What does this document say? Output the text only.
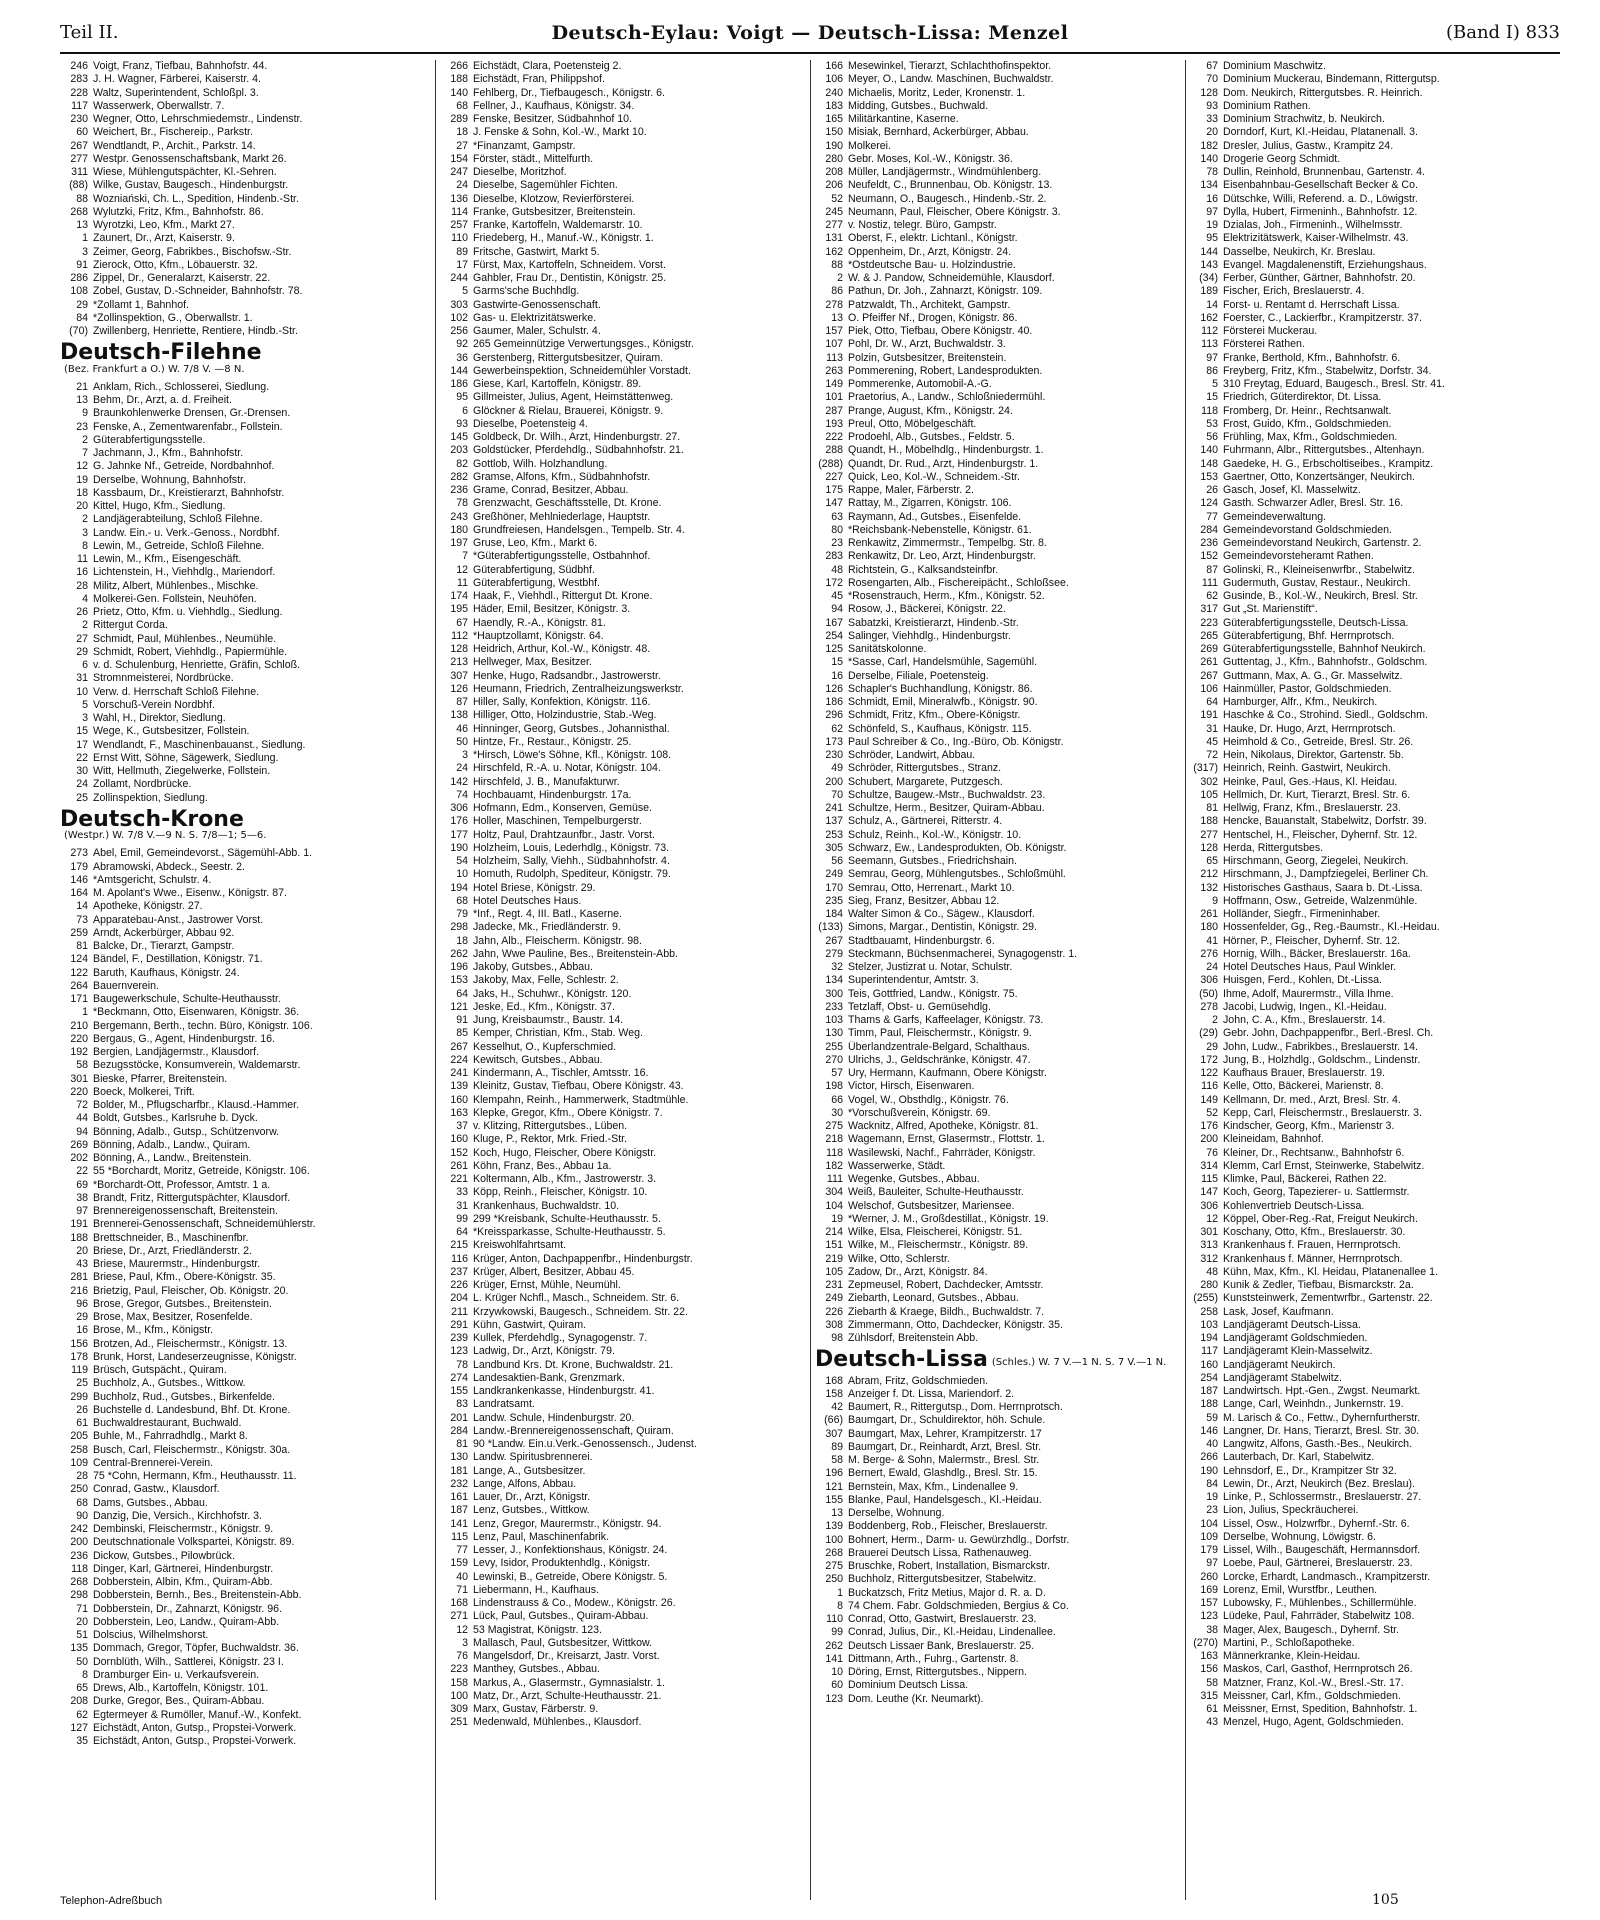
Teil II.	Deutsch-Eylau: Voigt — Deutsch-Lissa: Menzel	(Band I) 833
246 Voigt, Franz, Tiefbau, Bahnhofstr. 44.
283 J. H. Wagner, Färberei, Kaiserstr. 4.
228 Waltz, Superintendent, Schloßpl. 3.
117 Wasserwerk, Oberwallstr. 7.
230 Wegner, Otto, Lehrschmiedemstr., Lindenstr.
60 Weichert, Br., Fischereip., Parkstr.
267 Wendtlandt, P., Archit., Parkstr. 14.
277 Westpr. Genossenschaftsbank, Markt 26.
311 Wiese, Mühlengutspächter, Kl.-Sehren.
(88) Wilke, Gustav, Baugesch., Hindenburgstr.
88 Wozniański, Ch. L., Spedition, Hindenb.-Str.
268 Wylutzki, Fritz, Kfm., Bahnhofstr. 86.
13 Wyrotzki, Leo, Kfm., Markt 27.
1 Zaunert, Dr., Arzt, Kaiserstr. 9.
3 Zeimer, Georg, Fabrikbes., Bischofsw.-Str.
91 Zierock, Otto, Kfm., Löbauerstr. 32.
286 Zippel, Dr., Generalarzt, Kaiserstr. 22.
108 Zobel, Gustav, D.-Schneider, Bahnhofstr. 78.
29 *Zollamt 1, Bahnhof.
84 *Zollinspektion, G., Oberwallstr. 1.
(70) Zwillenberg, Henriette, Rentiere, Hindb.-Str.
Deutsch-Filehne(Bez. Frankfurt a O.) W. 7/8 V. —8 N.
21 Anklam, Rich., Schlosserei, Siedlung.
13 Behm, Dr., Arzt, a. d. Freiheit.
9 Braunkohlenwerke Drensen, Gr.-Drensen.
23 Fenske, A., Zementwarenfabr., Follstein.
2 Güterabfertigungsstelle.
7 Jachmann, J., Kfm., Bahnhofstr.
12 G. Jahnke Nf., Getreide, Nordbahnhof.
19 Derselbe, Wohnung, Bahnhofstr.
18 Kassbaum, Dr., Kreistierarzt, Bahnhofstr.
20 Kittel, Hugo, Kfm., Siedlung.
2 Landjägerabteilung, Schloß Filehne.
3 Landw. Ein.- u. Verk.-Genoss., Nordbhf.
8 Lewin, M., Getreide, Schloß Filehne.
11 Lewin, M., Kfm., Eisengeschäft.
16 Lichtenstein, H., Viehhdlg., Mariendorf.
28 Militz, Albert, Mühlenbes., Mischke.
4 Molkerei-Gen. Follstein, Neuhöfen.
26 Prietz, Otto, Kfm. u. Viehhdlg., Siedlung.
2 Rittergut Corda.
27 Schmidt, Paul, Mühlenbes., Neumühle.
29 Schmidt, Robert, Viehhdlg., Papiermühle.
6 v. d. Schulenburg, Henriette, Gräfin, Schloß.
31 Stromnmeisterei, Nordbrücke.
10 Verw. d. Herrschaft Schloß Filehne.
5 Vorschuß-Verein Nordbhf.
3 Wahl, H., Direktor, Siedlung.
15 Wege, K., Gutsbesitzer, Follstein.
17 Wendlandt, F., Maschinenbauanst., Siedlung.
22 Ernst Witt, Söhne, Sägewerk, Siedlung.
30 Witt, Hellmuth, Ziegelwerke, Follstein.
24 Zollamt, Nordbrücke.
25 Zollinspektion, Siedlung.
Deutsch-Krone(Westpr.) W. 7/8 V.—9 N. S. 7/8—1; 5—6.
273 Abel, Emil, Gemeindevorst., Sägemühl-Abb. 1.
179 Abramowski, Abdeck., Seestr. 2.
146 *Amtsgericht, Schulstr. 4.
164 M. Apolant's Wwe., Eisenw., Königstr. 87.
14 Apotheke, Königstr. 27.
73 Apparatebau-Anst., Jastrower Vorst.
259 Arndt, Ackerbürger, Abbau 92.
81 Balcke, Dr., Tierarzt, Gampstr.
124 Bändel, F., Destillation, Königstr. 71.
122 Baruth, Kaufhaus, Königstr. 24.
264 Bauernverein.
171 Baugewerkschule, Schulte-Heuthausstr.
1 *Beckmann, Otto, Eisenwaren, Königstr. 36.
210 Bergemann, Berth., techn. Büro, Königstr. 106.
220 Bergaus, G., Agent, Hindenburgstr. 16.
192 Bergien, Landjägermstr., Klausdorf.
58 Bezugsstöcke, Konsumverein, Waldemarstr.
301 Bieske, Pfarrer, Breitenstein.
220 Boeck, Molkerei, Trift.
72 Bolder, M., Pflugscharfbr., Klausd.-Hammer.
44 Boldt, Gutsbes., Karlsruhe b. Dyck.
94 Bönning, Adalb., Gutsp., Schützenvorw.
269 Bönning, Adalb., Landw., Quiram.
202 Bönning, A., Landw., Breitenstein.
22 55 *Borchardt, Moritz, Getreide, Königstr. 106.
69 *Borchardt-Ott, Professor, Amtstr. 1 a.
38 Brandt, Fritz, Rittergutspächter, Klausdorf.
97 Brennereigenossenschaft, Breitenstein.
191 Brennerei-Genossenschaft, Schneidemühlerstr.
188 Brettschneider, B., Maschinenfbr.
20 Briese, Dr., Arzt, Friedländerstr. 2.
43 Briese, Maurermstr., Hindenburgstr.
281 Briese, Paul, Kfm., Obere-Königstr. 35.
216 Brietzig, Paul, Fleischer, Ob. Königstr. 20.
96 Brose, Gregor, Gutsbes., Breitenstein.
29 Brose, Max, Besitzer, Rosenfelde.
16 Brose, M., Kfm., Königstr.
156 Brotzen, Ad., Fleischermstr., Königstr. 13.
178 Brunk, Horst, Landeserzeugnisse, Königstr.
119 Brüsch, Gutspächt., Quiram.
25 Buchholz, A., Gutsbes., Wittkow.
299 Buchholz, Rud., Gutsbes., Birkenfelde.
26 Buchstelle d. Landesbund, Bhf. Dt. Krone.
61 Buchwaldrestaurant, Buchwald.
205 Buhle, M., Fahrradhdlg., Markt 8.
258 Busch, Carl, Fleischermstr., Königstr. 30a.
109 Central-Brennerei-Verein.
28 75 *Cohn, Hermann, Kfm., Heuthausstr. 11.
250 Conrad, Gastw., Klausdorf.
68 Dams, Gutsbes., Abbau.
90 Danzig, Die, Versich., Kirchhofstr. 3.
242 Dembinski, Fleischermstr., Königstr. 9.
200 Deutschnationale Volkspartei, Königstr. 89.
236 Dickow, Gutsbes., Pilowbrück.
118 Dinger, Karl, Gärtnerei, Hindenburgstr.
268 Dobberstein, Albin, Kfm., Quiram-Abb.
298 Dobberstein, Bernh., Bes., Breitenstein-Abb.
71 Dobberstein, Dr., Zahnarzt, Königstr. 96.
20 Dobberstein, Leo, Landw., Quiram-Abb.
51 Dolscius, Wilhelmshorst.
135 Dommach, Gregor, Töpfer, Buchwaldstr. 36.
50 Dornblüth, Wilh., Sattlerei, Königstr. 23 I.
8 Dramburger Ein- u. Verkaufsverein.
65 Drews, Alb., Kartoffeln, Königstr. 101.
208 Durke, Gregor, Bes., Quiram-Abbau.
62 Egtermeyer & Rumöller, Manuf.-W., Konfekt.
127 Eichstädt, Anton, Gutsp., Propstei-Vorwerk.
35 Eichstädt, Anton, Gutsp., Propstei-Vorwerk.
266 Eichstädt, Clara, Poetensteig 2.
188 Eichstädt, Fran, Philippshof.
140 Fehlberg, Dr., Tiefbaugesch., Königstr. 6.
68 Fellner, J., Kaufhaus, Königstr. 34.
289 Fenske, Besitzer, Südbahnhof 10.
18 J. Fenske & Sohn, Kol.-W., Markt 10.
27 *Finanzamt, Gampstr.
154 Förster, städt., Mittelfurth.
247 Dieselbe, Moritzhof.
24 Dieselbe, Sagemühler Fichten.
136 Dieselbe, Klotzow, Revierförsterei.
114 Franke, Gutsbesitzer, Breitenstein.
257 Franke, Kartoffeln, Waldemarstr. 10.
110 Friedeberg, H., Manuf.-W., Königstr. 1.
89 Fritsche, Gastwirt, Markt 5.
17 Fürst, Max, Kartoffeln, Schneidem. Vorst.
244 Gahbler, Frau Dr., Dentistin, Königstr. 25.
5 Garms'sche Buchhdlg.
303 Gastwirte-Genossenschaft.
102 Gas- u. Elektrizitätswerke.
256 Gaumer, Maler, Schulstr. 4.
92 265 Gemeinnützige Verwertungsges., Königstr.
36 Gerstenberg, Rittergutsbesitzer, Quiram.
144 Gewerbeinspektion, Schneidemühler Vorstadt.
186 Giese, Karl, Kartoffeln, Königstr. 89.
95 Gillmeister, Julius, Agent, Heimstättenweg.
6 Glöckner & Rielau, Brauerei, Königstr. 9.
93 Dieselbe, Poetensteig 4.
145 Goldbeck, Dr. Wilh., Arzt, Hindenburgstr. 27.
203 Goldstücker, Pferdehdlg., Südbahnhofstr. 21.
82 Gottlob, Wilh. Holzhandlung.
282 Gramse, Alfons, Kfm., Südbahnhofstr.
236 Grame, Conrad, Besitzer, Abbau.
78 Grenzwacht, Geschäftsstelle, Dt. Krone.
243 Greßhöner, Mehlniederlage, Hauptstr.
180 Grundfreiesen, Handelsgen., Tempelb. Str. 4.
197 Gruse, Leo, Kfm., Markt 6.
7 *Güterabfertigungsstelle, Ostbahnhof.
12 Güterabfertigung, Südbhf.
11 Güterabfertigung, Westbhf.
174 Haak, F., Viehhdl., Rittergut Dt. Krone.
195 Häder, Emil, Besitzer, Königstr. 3.
67 Haendly, R.-A., Königstr. 81.
112 *Hauptzollamt, Königstr. 64.
128 Heidrich, Arthur, Kol.-W., Königstr. 48.
213 Hellweger, Max, Besitzer.
307 Henke, Hugo, Radsandbr., Jastrowerstr.
126 Heumann, Friedrich, Zentralheizungswerkstr.
87 Hiller, Sally, Konfektion, Königstr. 116.
138 Hilliger, Otto, Holzindustrie, Stab.-Weg.
46 Hinninger, Georg, Gutsbes., Johannisthal.
50 Hintze, Fr., Restaur., Königstr. 25.
3 *Hirsch, Löwe's Söhne, Kfl., Königstr. 108.
24 Hirschfeld, R.-A. u. Notar, Königstr. 104.
142 Hirschfeld, J. B., Manufakturwr.
74 Hochbauamt, Hindenburgstr. 17a.
306 Hofmann, Edm., Konserven, Gemüse.
176 Holler, Maschinen, Tempelburgerstr.
177 Holtz, Paul, Drahtzaunfbr., Jastr. Vorst.
190 Holzheim, Louis, Lederhdlg., Königstr. 73.
54 Holzheim, Sally, Viehh., Südbahnhofstr. 4.
10 Homuth, Rudolph, Spediteur, Königstr. 79.
194 Hotel Briese, Königstr. 29.
68 Hotel Deutsches Haus.
79 *Inf., Regt. 4, III. Batl., Kaserne.
298 Jadecke, Mk., Friedländerstr. 9.
18 Jahn, Alb., Fleischerm. Königstr. 98.
262 Jahn, Wwe Pauline, Bes., Breitenstein-Abb.
196 Jakoby, Gutsbes., Abbau.
153 Jakoby, Max, Felle, Schlestr. 2.
64 Jaks, H., Schuhwr., Königstr. 120.
121 Jeske, Ed., Kfm., Königstr. 37.
91 Jung, Kreisbaumstr., Baustr. 14.
85 Kemper, Christian, Kfm., Stab. Weg.
267 Kesselhut, O., Kupferschmied.
224 Kewitsch, Gutsbes., Abbau.
241 Kindermann, A., Tischler, Amtsstr. 16.
139 Kleinitz, Gustav, Tiefbau, Obere Königstr. 43.
160 Klempahn, Reinh., Hammerwerk, Stadtmühle.
163 Klepke, Gregor, Kfm., Obere Königstr. 7.
37 v. Klitzing, Rittergutsbes., Lüben.
160 Kluge, P., Rektor, Mrk. Fried.-Str.
152 Koch, Hugo, Fleischer, Obere Königstr.
261 Köhn, Franz, Bes., Abbau 1a.
221 Koltermann, Alb., Kfm., Jastrowerstr. 3.
33 Köpp, Reinh., Fleischer, Königstr. 10.
31 Krankenhaus, Buchwaldstr. 10.
99 299 *Kreisbank, Schulte-Heuthausstr. 5.
64 *Kreissparkasse, Schulte-Heuthausstr. 5.
215 Kreiswohlfahrtsamt.
116 Krüger, Anton, Dachpappenfbr., Hindenburgstr.
237 Krüger, Albert, Besitzer, Abbau 45.
226 Krüger, Ernst, Mühle, Neumühl.
204 L. Krüger Nchfl., Masch., Schneidem. Str. 6.
211 Krzywkowski, Baugesch., Schneidem. Str. 22.
291 Kühn, Gastwirt, Quiram.
239 Kullek, Pferdehdlg., Synagogenstr. 7.
123 Ladwig, Dr., Arzt, Königstr. 79.
78 Landbund Krs. Dt. Krone, Buchwaldstr. 21.
274 Landesaktien-Bank, Grenzmark.
155 Landkrankenkasse, Hindenburgstr. 41.
83 Landratsamt.
201 Landw. Schule, Hindenburgstr. 20.
284 Landw.-Brennereigenossenschaft, Quiram.
81 90 *Landw. Ein.u.Verk.-Genossensch., Judenst.
130 Landw. Spiritusbrennerei.
181 Lange, A., Gutsbesitzer.
232 Lange, Alfons, Abbau.
161 Lauer, Dr., Arzt, Königstr.
187 Lenz, Gutsbes., Wittkow.
141 Lenz, Gregor, Maurermstr., Königstr. 94.
115 Lenz, Paul, Maschinenfabrik.
77 Lesser, J., Konfektionshaus, Königstr. 24.
159 Levy, Isidor, Produktenhdlg., Königstr.
40 Lewinski, B., Getreide, Obere Königstr. 5.
71 Liebermann, H., Kaufhaus.
168 Lindenstrauss & Co., Modew., Königstr. 26.
271 Lück, Paul, Gutsbes., Quiram-Abbau.
12 53 Magistrat, Königstr. 123.
3 Mallasch, Paul, Gutsbesitzer, Wittkow.
76 Mangelsdorf, Dr., Kreisarzt, Jastr. Vorst.
223 Manthey, Gutsbes., Abbau.
158 Markus, A., Glasermstr., Gymnasialstr. 1.
100 Matz, Dr., Arzt, Schulte-Heuthausstr. 21.
309 Marx, Gustav, Färberstr. 9.
251 Medenwald, Mühlenbes., Klausdorf.
166 Mesewinkel, Tierarzt, Schlachthofinspektor.
106 Meyer, O., Landw. Maschinen, Buchwaldstr.
240 Michaelis, Moritz, Leder, Kronenstr. 1.
183 Midding, Gutsbes., Buchwald.
165 Militärkantine, Kaserne.
150 Misiak, Bernhard, Ackerbürger, Abbau.
190 Molkerei.
280 Gebr. Moses, Kol.-W., Königstr. 36.
208 Müller, Landjägermstr., Windmühlenberg.
206 Neufeldt, C., Brunnenbau, Ob. Königstr. 13.
52 Neumann, O., Baugesch., Hindenb.-Str. 2.
245 Neumann, Paul, Fleischer, Obere Königstr. 3.
277 v. Nostiz, telegr. Büro, Gampstr.
131 Oberst, F., elektr. Lichtanl., Königstr.
162 Oppenheim, Dr., Arzt, Königstr. 24.
88 *Ostdeutsche Bau- u. Holzindustrie.
2 W. & J. Pandow, Schneidemühle, Klausdorf.
86 Pathun, Dr. Joh., Zahnarzt, Königstr. 109.
278 Patzwaldt, Th., Architekt, Gampstr.
13 O. Pfeiffer Nf., Drogen, Königstr. 86.
157 Piek, Otto, Tiefbau, Obere Königstr. 40.
107 Pohl, Dr. W., Arzt, Buchwaldstr. 3.
113 Polzin, Gutsbesitzer, Breitenstein.
263 Pommerening, Robert, Landesprodukten.
149 Pommerenke, Automobil-A.-G.
101 Praetorius, A., Landw., Schloßniedermühl.
287 Prange, August, Kfm., Königstr. 24.
193 Preul, Otto, Möbelgeschäft.
222 Prodoehl, Alb., Gutsbes., Feldstr. 5.
288 Quandt, H., Möbelhdlg., Hindenburgstr. 1.
(288) Quandt, Dr. Rud., Arzt, Hindenburgstr. 1.
227 Quick, Leo, Kol.-W., Schneidem.-Str.
175 Rappe, Maler, Färberstr. 2.
147 Rattay, M., Zigarren, Königstr. 106.
63 Raymann, Ad., Gutsbes., Eisenfelde.
80 *Reichsbank-Nebenstelle, Königstr. 61.
23 Renkawitz, Zimmermstr., Tempelbg. Str. 8.
283 Renkawitz, Dr. Leo, Arzt, Hindenburgstr.
48 Richtstein, G., Kalksandsteinfbr.
172 Rosengarten, Alb., Fischereipächt., Schloßsee.
45 *Rosenstrauch, Herm., Kfm., Königstr. 52.
94 Rosow, J., Bäckerei, Königstr. 22.
167 Sabatzki, Kreistierarzt, Hindenb.-Str.
254 Salinger, Viehhdlg., Hindenburgstr.
125 Sanitätskolonne.
15 *Sasse, Carl, Handelsmühle, Sagemühl.
16 Derselbe, Filiale, Poetensteig.
126 Schapler's Buchhandlung, Königstr. 86.
186 Schmidt, Emil, Mineralwfb., Königstr. 90.
296 Schmidt, Fritz, Kfm., Obere-Königstr.
62 Schönfeld, S., Kaufhaus, Königstr. 115.
173 Paul Schreiber & Co., Ing.-Büro, Ob. Königstr.
230 Schröder, Landwirt, Abbau.
49 Schröder, Rittergutsbes., Stranz.
200 Schubert, Margarete, Putzgesch.
70 Schultze, Baugew.-Mstr., Buchwaldstr. 23.
241 Schultze, Herm., Besitzer, Quiram-Abbau.
137 Schulz, A., Gärtnerei, Ritterstr. 4.
253 Schulz, Reinh., Kol.-W., Königstr. 10.
305 Schwarz, Ew., Landesprodukten, Ob. Königstr.
56 Seemann, Gutsbes., Friedrichshain.
249 Semrau, Georg, Mühlengutsbes., Schloßmühl.
170 Semrau, Otto, Herrenart., Markt 10.
235 Sieg, Franz, Besitzer, Abbau 12.
184 Walter Simon & Co., Sägew., Klausdorf.
(133) Simons, Margar., Dentistin, Königstr. 29.
267 Stadtbauamt, Hindenburgstr. 6.
279 Steckmann, Büchsenmacherei, Synagogenstr. 1.
32 Stelzer, Justizrat u. Notar, Schulstr.
134 Superintendentur, Amtstr. 3.
300 Teis, Gottfried, Landw., Königstr. 75.
233 Tetzlaff, Obst- u. Gemüsehdlg.
103 Thams & Garfs, Kaffeelager, Königstr. 73.
130 Timm, Paul, Fleischermstr., Königstr. 9.
255 Überlandzentrale-Belgard, Schalthaus.
270 Ulrichs, J., Geldschränke, Königstr. 47.
57 Ury, Hermann, Kaufmann, Obere Königstr.
198 Victor, Hirsch, Eisenwaren.
66 Vogel, W., Obsthdlg., Königstr. 76.
30 *Vorschußverein, Königstr. 69.
275 Wacknitz, Alfred, Apotheke, Königstr. 81.
218 Wagemann, Ernst, Glasermstr., Flottstr. 1.
118 Wasilewski, Nachf., Fahrräder, Königstr.
182 Wasserwerke, Städt.
111 Wegenke, Gutsbes., Abbau.
304 Weiß, Bauleiter, Schulte-Heuthausstr.
104 Welschof, Gutsbesitzer, Mariensee.
19 *Werner, J. M., Großdestillat., Königstr. 19.
214 Wilke, Elsa, Fleischerei, Königstr. 51.
151 Wilke, M., Fleischermstr., Königstr. 89.
219 Wilke, Otto, Schlerstr.
105 Zadow, Dr., Arzt, Königstr. 84.
231 Zepmeusel, Robert, Dachdecker, Amtsstr.
249 Ziebarth, Leonard, Gutsbes., Abbau.
226 Ziebarth & Kraege, Bildh., Buchwaldstr. 7.
308 Zimmermann, Otto, Dachdecker, Königstr. 35.
98 Zühlsdorf, Breitenstein Abb.
Deutsch-Lissa (Schles.) W. 7 V.—1 N. S. 7 V.—1 N.
168 Abram, Fritz, Goldschmieden.
158 Anzeiger f. Dt. Lissa, Mariendorf. 2.
42 Baumert, R., Rittergutsp., Dom. Herrnprotsch.
(66) Baumgart, Dr., Schuldirektor, höh. Schule.
307 Baumgart, Max, Lehrer, Krampitzerstr. 17
89 Baumgart, Dr., Reinhardt, Arzt, Bresl. Str.
58 M. Berge- & Sohn, Malermstr., Bresl. Str.
196 Bernert, Ewald, Glashdlg., Bresl. Str. 15.
121 Bernstein, Max, Kfm., Lindenallee 9.
155 Blanke, Paul, Handelsgesch., Kl.-Heidau.
13 Derselbe, Wohnung.
139 Boddenberg, Rob., Fleischer, Breslauerstr.
100 Bohnert, Herm., Darm- u. Gewürzhdlg., Dorfstr.
268 Brauerei Deutsch Lissa, Rathenauweg.
275 Bruschke, Robert, Installation, Bismarckstr.
250 Buchholz, Rittergutsbesitzer, Stabelwitz.
1 Buckatzsch, Fritz Metius, Major d. R. a. D.
8 74 Chem. Fabr. Goldschmieden, Bergius & Co.
110 Conrad, Otto, Gastwirt, Breslauerstr. 23.
99 Conrad, Julius, Dir., Kl.-Heidau, Lindenallee.
262 Deutsch Lissaer Bank, Breslauerstr. 25.
141 Dittmann, Arth., Fuhrg., Gartenstr. 8.
10 Döring, Ernst, Rittergutsbes., Nippern.
60 Dominium Deutsch Lissa.
123 Dom. Leuthe (Kr. Neumarkt).
67 Dominium Maschwitz.
70 Dominium Muckerau, Bindemann, Rittergutsp.
128 Dom. Neukirch, Rittergutsbes. R. Heinrich.
93 Dominium Rathen.
33 Dominium Strachwitz, b. Neukirch.
20 Dorndorf, Kurt, Kl.-Heidau, Platanenall. 3.
182 Dresler, Julius, Gastw., Krampitz 24.
140 Drogerie Georg Schmidt.
78 Dullin, Reinhold, Brunnenbau, Gartenstr. 4.
134 Eisenbahnbau-Gesellschaft Becker & Co.
16 Dütschke, Willi, Referend. a. D., Löwigstr.
97 Dylla, Hubert, Firmeninh., Bahnhofstr. 12.
19 Dzialas, Joh., Firmeninh., Wilhelmsstr.
95 Elektrizitätswerk, Kaiser-Wilhelmstr. 43.
144 Dasselbe, Neukirch, Kr. Breslau.
143 Evangel. Magdalenenstift, Erziehungshaus.
(34) Ferber, Günther, Gärtner, Bahnhofstr. 20.
189 Fischer, Erich, Breslauerstr. 4.
14 Forst- u. Rentamt d. Herrschaft Lissa.
162 Foerster, C., Lackierfbr., Krampitzerstr. 37.
112 Försterei Muckerau.
113 Försterei Rathen.
97 Franke, Berthold, Kfm., Bahnhofstr. 6.
86 Freyberg, Fritz, Kfm., Stabelwitz, Dorfstr. 34.
5 310 Freytag, Eduard, Baugesch., Bresl. Str. 41.
15 Friedrich, Güterdirektor, Dt. Lissa.
118 Fromberg, Dr. Heinr., Rechtsanwalt.
53 Frost, Guido, Kfm., Goldschmieden.
56 Frühling, Max, Kfm., Goldschmieden.
140 Fuhrmann, Albr., Rittergutsbes., Altenhayn.
148 Gaedeke, H. G., Erbscholtiseibes., Krampitz.
153 Gaertner, Otto, Konzertsänger, Neukirch.
26 Gasch, Josef, Kl. Masselwitz.
124 Gasth. Schwarzer Adler, Bresl. Str. 16.
77 Gemeindeverwaltung.
284 Gemeindevorstand Goldschmieden.
236 Gemeindevorstand Neukirch, Gartenstr. 2.
152 Gemeindevorsteheramt Rathen.
87 Golinski, R., Kleineisenwrfbr., Stabelwitz.
111 Gudermuth, Gustav, Restaur., Neukirch.
62 Gusinde, B., Kol.-W., Neukirch, Bresl. Str.
317 Gut „St. Marienstift“.
223 Güterabfertigungsstelle, Deutsch-Lissa.
265 Güterabfertigung, Bhf. Herrnprotsch.
269 Güterabfertigungsstelle, Bahnhof Neukirch.
261 Guttentag, J., Kfm., Bahnhofstr., Goldschm.
267 Guttmann, Max, A. G., Gr. Masselwitz.
106 Hainmüller, Pastor, Goldschmieden.
64 Hamburger, Alfr., Kfm., Neukirch.
191 Haschke & Co., Strohind. Siedl., Goldschm.
31 Hauke, Dr. Hugo, Arzt, Herrnprotsch.
45 Heimhold & Co., Getreide, Bresl. Str. 26.
72 Hein, Nikolaus, Direktor, Gartenstr. 5b.
(317) Heinrich, Reinh. Gastwirt, Neukirch.
302 Heinke, Paul, Ges.-Haus, Kl. Heidau.
105 Hellmich, Dr. Kurt, Tierarzt, Bresl. Str. 6.
81 Hellwig, Franz, Kfm., Breslauerstr. 23.
188 Hencke, Bauanstalt, Stabelwitz, Dorfstr. 39.
277 Hentschel, H., Fleischer, Dyhernf. Str. 12.
128 Herda, Rittergutsbes.
65 Hirschmann, Georg, Ziegelei, Neukirch.
212 Hirschmann, J., Dampfziegelei, Berliner Ch.
132 Historisches Gasthaus, Saara b. Dt.-Lissa.
9 Hoffmann, Osw., Getreide, Walzenmühle.
261 Holländer, Siegfr., Firmeninhaber.
180 Hossenfelder, Gg., Reg.-Baumstr., Kl.-Heidau.
41 Hörner, P., Fleischer, Dyhernf. Str. 12.
276 Hornig, Wilh., Bäcker, Breslauerstr. 16a.
24 Hotel Deutsches Haus, Paul Winkler.
306 Huisgen, Ferd., Kohlen, Dt.-Lissa.
(50) Ihme, Adolf, Maurermstr., Villa Ihme.
278 Jacobi, Ludwig, Ingen., Kl.-Heidau.
2 John, C. A., Kfm., Breslauerstr. 14.
(29) Gebr. John, Dachpappenfbr., Berl.-Bresl. Ch.
29 John, Ludw., Fabrikbes., Breslauerstr. 14.
172 Jung, B., Holzhdlg., Goldschm., Lindenstr.
122 Kaufhaus Brauer, Breslauerstr. 19.
116 Kelle, Otto, Bäckerei, Marienstr. 8.
149 Kellmann, Dr. med., Arzt, Bresl. Str. 4.
52 Kepp, Carl, Fleischermstr., Breslauerstr. 3.
176 Kindscher, Georg, Kfm., Marienstr 3.
200 Kleineidam, Bahnhof.
76 Kleiner, Dr., Rechtsanw., Bahnhofstr 6.
314 Klemm, Carl Ernst, Steinwerke, Stabelwitz.
115 Klimke, Paul, Bäckerei, Rathen 22.
147 Koch, Georg, Tapezierer- u. Sattlermstr.
306 Kohlenvertrieb Deutsch-Lissa.
12 Köppel, Ober-Reg.-Rat, Freigut Neukirch.
301 Koschany, Otto, Kfm., Breslauerstr. 30.
313 Krankenhaus f. Frauen, Herrnprotsch.
312 Krankenhaus f. Männer, Herrnprotsch.
48 Kühn, Max, Kfm., Kl. Heidau, Platanenallee 1.
280 Kunik & Zedler, Tiefbau, Bismarckstr. 2a.
(255) Kunststeinwerk, Zementwrfbr., Gartenstr. 22.
258 Lask, Josef, Kaufmann.
103 Landjägeramt Deutsch-Lissa.
194 Landjägeramt Goldschmieden.
117 Landjägeramt Klein-Masselwitz.
160 Landjägeramt Neukirch.
254 Landjägeramt Stabelwitz.
187 Landwirtsch. Hpt.-Gen., Zwgst. Neumarkt.
188 Lange, Carl, Weinhdn., Junkernstr. 19.
59 M. Larisch & Co., Fettw., Dyhernfurtherstr.
146 Langner, Dr. Hans, Tierarzt, Bresl. Str. 30.
40 Langwitz, Alfons, Gasth.-Bes., Neukirch.
266 Lauterbach, Dr. Karl, Stabelwitz.
190 Lehnsdorf, E., Dr., Krampitzer Str 32.
84 Lewin, Dr., Arzt, Neukirch (Bez. Breslau).
19 Linke, P., Schlossermstr., Breslauerstr. 27.
23 Lion, Julius, Speckräucherei.
104 Lissel, Osw., Holzwrfbr., Dyhernf.-Str. 6.
109 Derselbe, Wohnung, Löwigstr. 6.
179 Lissel, Wilh., Baugeschäft, Hermannsdorf.
97 Loebe, Paul, Gärtnerei, Breslauerstr. 23.
260 Lorcke, Erhardt, Landmasch., Krampitzerstr.
169 Lorenz, Emil, Wurstfbr., Leuthen.
157 Lubowsky, F., Mühlenbes., Schillermühle.
123 Lüdeke, Paul, Fahrräder, Stabelwitz 108.
38 Mager, Alex, Baugesch., Dyhernf. Str.
(270) Martini, P., Schloßapotheke.
163 Männerkranke, Klein-Heidau.
156 Maskos, Carl, Gasthof, Herrnprotsch 26.
58 Matzner, Franz, Kol.-W., Bresl.-Str. 17.
315 Meissner, Carl, Kfm., Goldschmieden.
61 Meissner, Ernst, Spedition, Bahnhofstr. 1.
43 Menzel, Hugo, Agent, Goldschmieden.
Telephon-Adreßbuch	105
